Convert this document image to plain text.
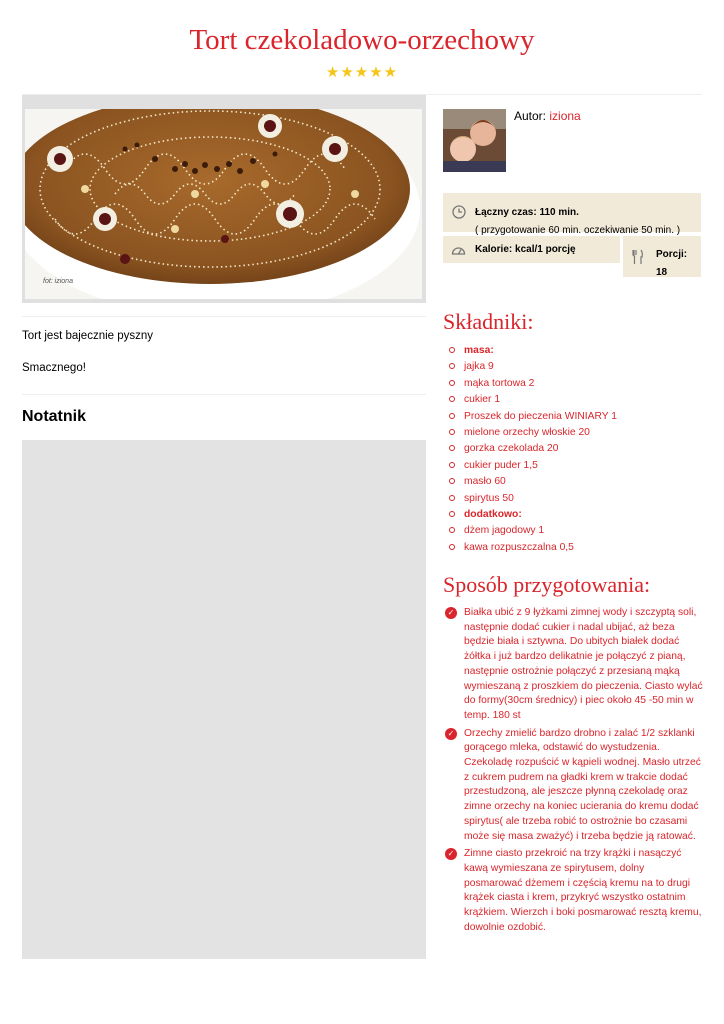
Tort czekoladowo-orzechowy
★★★★★
fot: iziona
Autor: iziona
Łączny czas: 110 min.
( przygotowanie 60 min. oczekiwanie 50 min. )
Kalorie: kcal/1 porcję	Porcji:
18
Tort jest bajecznie pyszny
Smacznego!
Notatnik
Składniki:
masa:
jajka 9
mąka tortowa 2
cukier 1
Proszek do pieczenia WINIARY 1
mielone orzechy włoskie 20
gorzka czekolada 20
cukier puder 1,5
masło 60
spirytus 50
dodatkowo:
dżem jagodowy 1
kawa rozpuszczalna 0,5
Sposób przygotowania:
✓ Białka ubić z 9 łyżkami zimnej wody i szczyptą soli, następnie dodać cukier i nadal ubijać, aż beza będzie biała i sztywna. Do ubitych białek dodać żółtka i już bardzo delikatnie je połączyć z pianą, następnie ostrożnie połączyć z przesianą mąką wymieszaną z proszkiem do pieczenia. Ciasto wylać do formy(30cm średnicy) i piec około 45 -50 min w temp. 180 st
✓ Orzechy zmielić bardzo drobno i zalać 1/2 szklanki gorącego mleka, odstawić do wystudzenia. Czekoladę rozpuścić w kąpieli wodnej. Masło utrzeć z cukrem pudrem na gładki krem w trakcie dodać przestudzoną, ale jeszcze płynną czekoladę oraz zimne orzechy na koniec ucierania do kremu dodać spirytus( ale trzeba robić to ostrożnie bo czasami może się masa zważyć) i trzeba będzie ją ratować.
✓ Zimne ciasto przekroić na trzy krążki i nasączyć kawą wymieszana ze spirytusem, dolny posmarować dżemem i częścią kremu na to drugi krążek ciasta i krem, przykryć wszystko ostatnim krążkiem. Wierzch i boki posmarować resztą kremu, dowolnie ozdobić.
